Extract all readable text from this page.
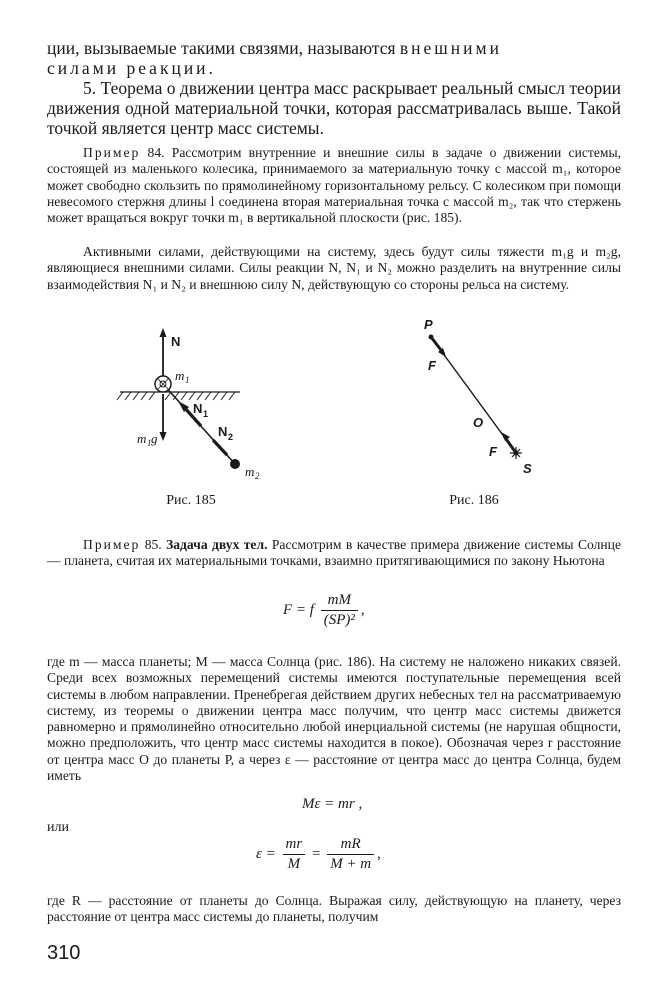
ции, вызываемые такими связями, называются внешними
силами реакции.

5. Теорема о движении центра масс раскрывает реальный смысл теории движения одной материальной точки, которая рассматривалась выше. Такой точкой является центр масс системы.

Пример 84. Рассмотрим внутренние и внешние силы в задаче о движении системы, состоящей из маленького колесика, принимаемого за материальную точку с массой m₁, которое может свободно скользить по прямолинейному горизонтальному рельсу. С колесиком при помощи невесомого стержня длины l соединена вторая материальная точка с массой m₂, так что стержень может вращаться вокруг точки m₁ в вертикальной плоскости (рис. 185).

Активными силами, действующими на систему, здесь будут силы тяжести m₁g и m₂g, являющиеся внешними силами. Силы реакции N, N₁ и N₂ можно разделить на внутренние силы взаимодействия N₁ и N₂ и внешнюю силу N, действующую со стороны рельса на систему.

N
N 1
N 2
m 1
m 1 g
m 2
Рис. 185
P
F
O
F
S
Рис. 186

Пример 85. Задача двух тел. Рассмотрим в качестве примера движение системы Солнце — планета, считая их материальными точками, взаимно притягивающимися по закону Ньютона

F = f $\frac{mM}{\text{(SP)²}}$ ,

где m — масса планеты; M — масса Солнца (рис. 186). На систему не наложено никаких связей. Среди всех возможных перемещений системы имеются поступательные перемещения всей системы в любом направлении. Пренебрегая действием других небесных тел на рассматриваемую систему, из теоремы о движении центра масс получим, что центр масс системы движется равномерно и прямолинейно относительно любой инерциальной системы (не нарушая общности, можно предположить, что центр масс системы находится в покое). Обозначая через r расстояние от центра масс O до планеты P, а через ε — расстояние от центра масс до центра Солнца, будем иметь

Mε = mr ,
или
$\varepsilon = \frac{mr}{M} = \frac{mR}{M + m}$ ,

где R — расстояние от планеты до Солнца. Выражая силу, действующую на планету, через расстояние от центра масс системы до планеты, получим

310
